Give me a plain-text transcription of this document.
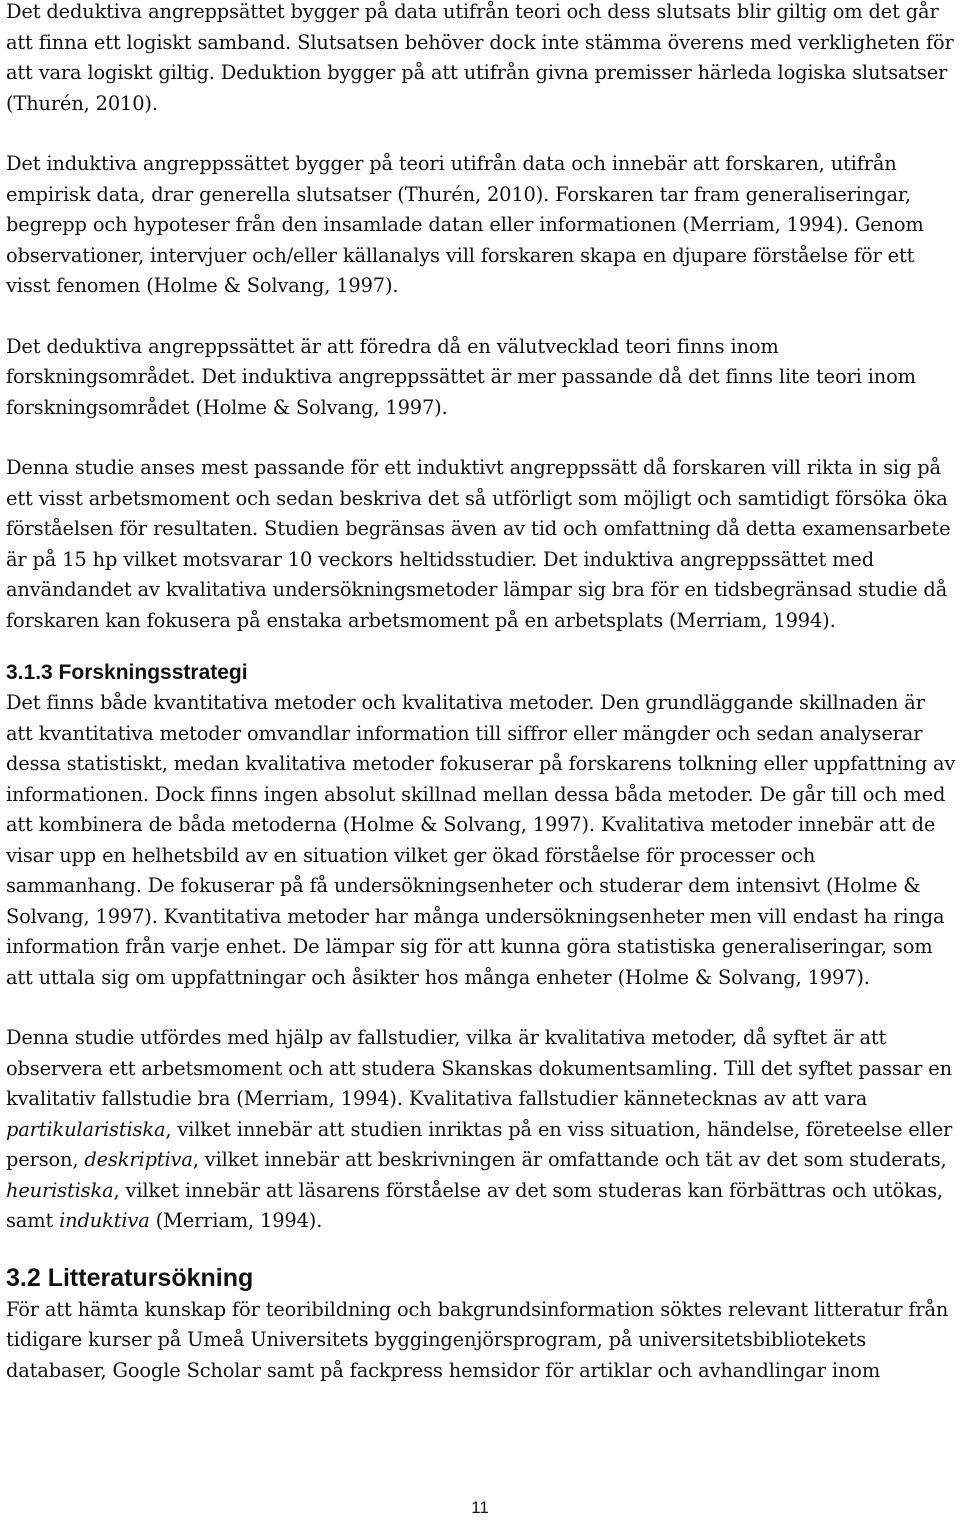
Det deduktiva angreppsättet bygger på data utifrån teori och dess slutsats blir giltig om det går att finna ett logiskt samband. Slutsatsen behöver dock inte stämma överens med verkligheten för att vara logiskt giltig. Deduktion bygger på att utifrån givna premisser härleda logiska slutsatser (Thurén, 2010).

Det induktiva angreppssättet bygger på teori utifrån data och innebär att forskaren, utifrån empirisk data, drar generella slutsatser (Thurén, 2010). Forskaren tar fram generaliseringar, begrepp och hypoteser från den insamlade datan eller informationen (Merriam, 1994). Genom observationer, intervjuer och/eller källanalys vill forskaren skapa en djupare förståelse för ett visst fenomen (Holme & Solvang, 1997).

Det deduktiva angreppssättet är att föredra då en välutvecklad teori finns inom forskningsområdet. Det induktiva angreppssättet är mer passande då det finns lite teori inom forskningsområdet (Holme & Solvang, 1997).

Denna studie anses mest passande för ett induktivt angreppssätt då forskaren vill rikta in sig på ett visst arbetsmoment och sedan beskriva det så utförligt som möjligt och samtidigt försöka öka förståelsen för resultaten. Studien begränsas även av tid och omfattning då detta examensarbete är på 15 hp vilket motsvarar 10 veckors heltidsstudier. Det induktiva angreppssättet med användandet av kvalitativa undersökningsmetoder lämpar sig bra för en tidsbegränsad studie då forskaren kan fokusera på enstaka arbetsmoment på en arbetsplats (Merriam, 1994).

3.1.3 Forskningsstrategi

Det finns både kvantitativa metoder och kvalitativa metoder. Den grundläggande skillnaden är att kvantitativa metoder omvandlar information till siffror eller mängder och sedan analyserar dessa statistiskt, medan kvalitativa metoder fokuserar på forskarens tolkning eller uppfattning av informationen. Dock finns ingen absolut skillnad mellan dessa båda metoder. De går till och med att kombinera de båda metoderna (Holme & Solvang, 1997). Kvalitativa metoder innebär att de visar upp en helhetsbild av en situation vilket ger ökad förståelse för processer och sammanhang. De fokuserar på få undersökningsenheter och studerar dem intensivt (Holme & Solvang, 1997). Kvantitativa metoder har många undersökningsenheter men vill endast ha ringa information från varje enhet. De lämpar sig för att kunna göra statistiska generaliseringar, som att uttala sig om uppfattningar och åsikter hos många enheter (Holme & Solvang, 1997).

Denna studie utfördes med hjälp av fallstudier, vilka är kvalitativa metoder, då syftet är att observera ett arbetsmoment och att studera Skanskas dokumentsamling. Till det syftet passar en kvalitativ fallstudie bra (Merriam, 1994). Kvalitativa fallstudier kännetecknas av att vara partikularistiska, vilket innebär att studien inriktas på en viss situation, händelse, företeelse eller person, deskriptiva, vilket innebär att beskrivningen är omfattande och tät av det som studerats, heuristiska, vilket innebär att läsarens förståelse av det som studeras kan förbättras och utökas, samt induktiva (Merriam, 1994).

3.2 Litteratursökning

För att hämta kunskap för teoribildning och bakgrundsinformation söktes relevant litteratur från tidigare kurser på Umeå Universitets byggingenjörsprogram, på universitetsbibliotekets databaser, Google Scholar samt på fackpress hemsidor för artiklar och avhandlingar inom

11
